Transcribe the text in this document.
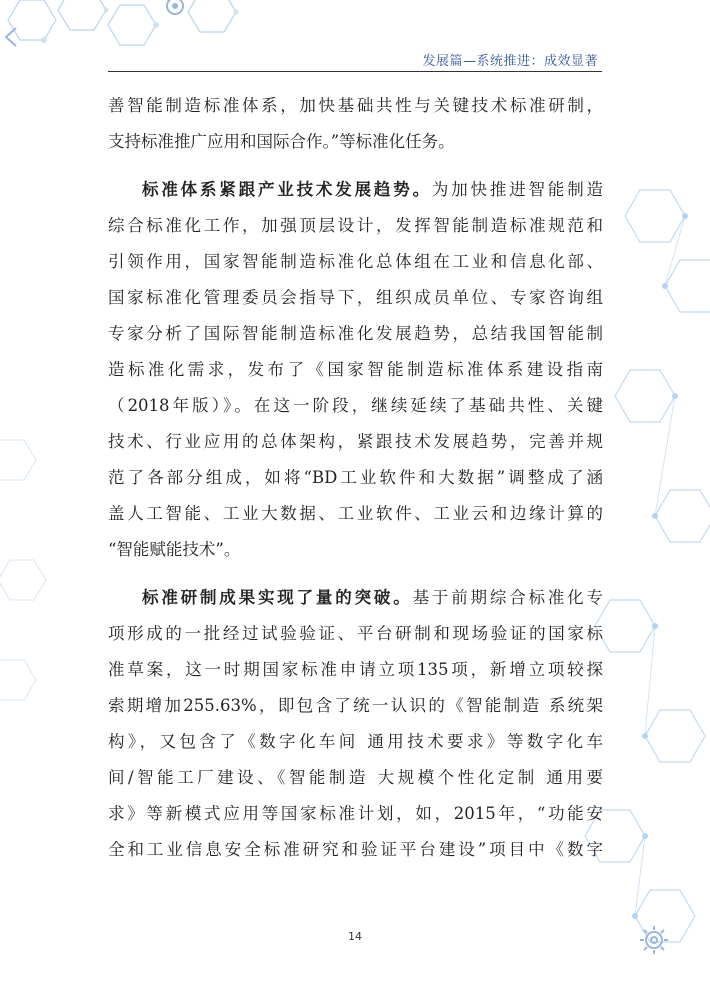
发展篇—系统推进：成效显著
善智能制造标准体系，加快基础共性与关键技术标准研制，
支持标准推广应用和国际合作。”等标准化任务。
标准体系紧跟产业技术发展趋势。为加快推进智能制造
综合标准化工作，加强顶层设计，发挥智能制造标准规范和
引领作用，国家智能制造标准化总体组在工业和信息化部、
国家标准化管理委员会指导下，组织成员单位、专家咨询组
专家分析了国际智能制造标准化发展趋势，总结我国智能制
造标准化需求，发布了《国家智能制造标准体系建设指南
（2018年版）》。在这一阶段，继续延续了基础共性、关键
技术、行业应用的总体架构，紧跟技术发展趋势，完善并规
范了各部分组成，如将“BD工业软件和大数据”调整成了涵
盖人工智能、工业大数据、工业软件、工业云和边缘计算的
“智能赋能技术”。
标准研制成果实现了量的突破。基于前期综合标准化专
项形成的一批经过试验验证、平台研制和现场验证的国家标
准草案，这一时期国家标准申请立项135项，新增立项较探
索期增加255.63%，即包含了统一认识的《智能制造 系统架
构》，又包含了《数字化车间 通用技术要求》等数字化车
间/智能工厂建设、《智能制造 大规模个性化定制 通用要
求》等新模式应用等国家标准计划，如，2015年，“功能安
全和工业信息安全标准研究和验证平台建设”项目中《数字
14
